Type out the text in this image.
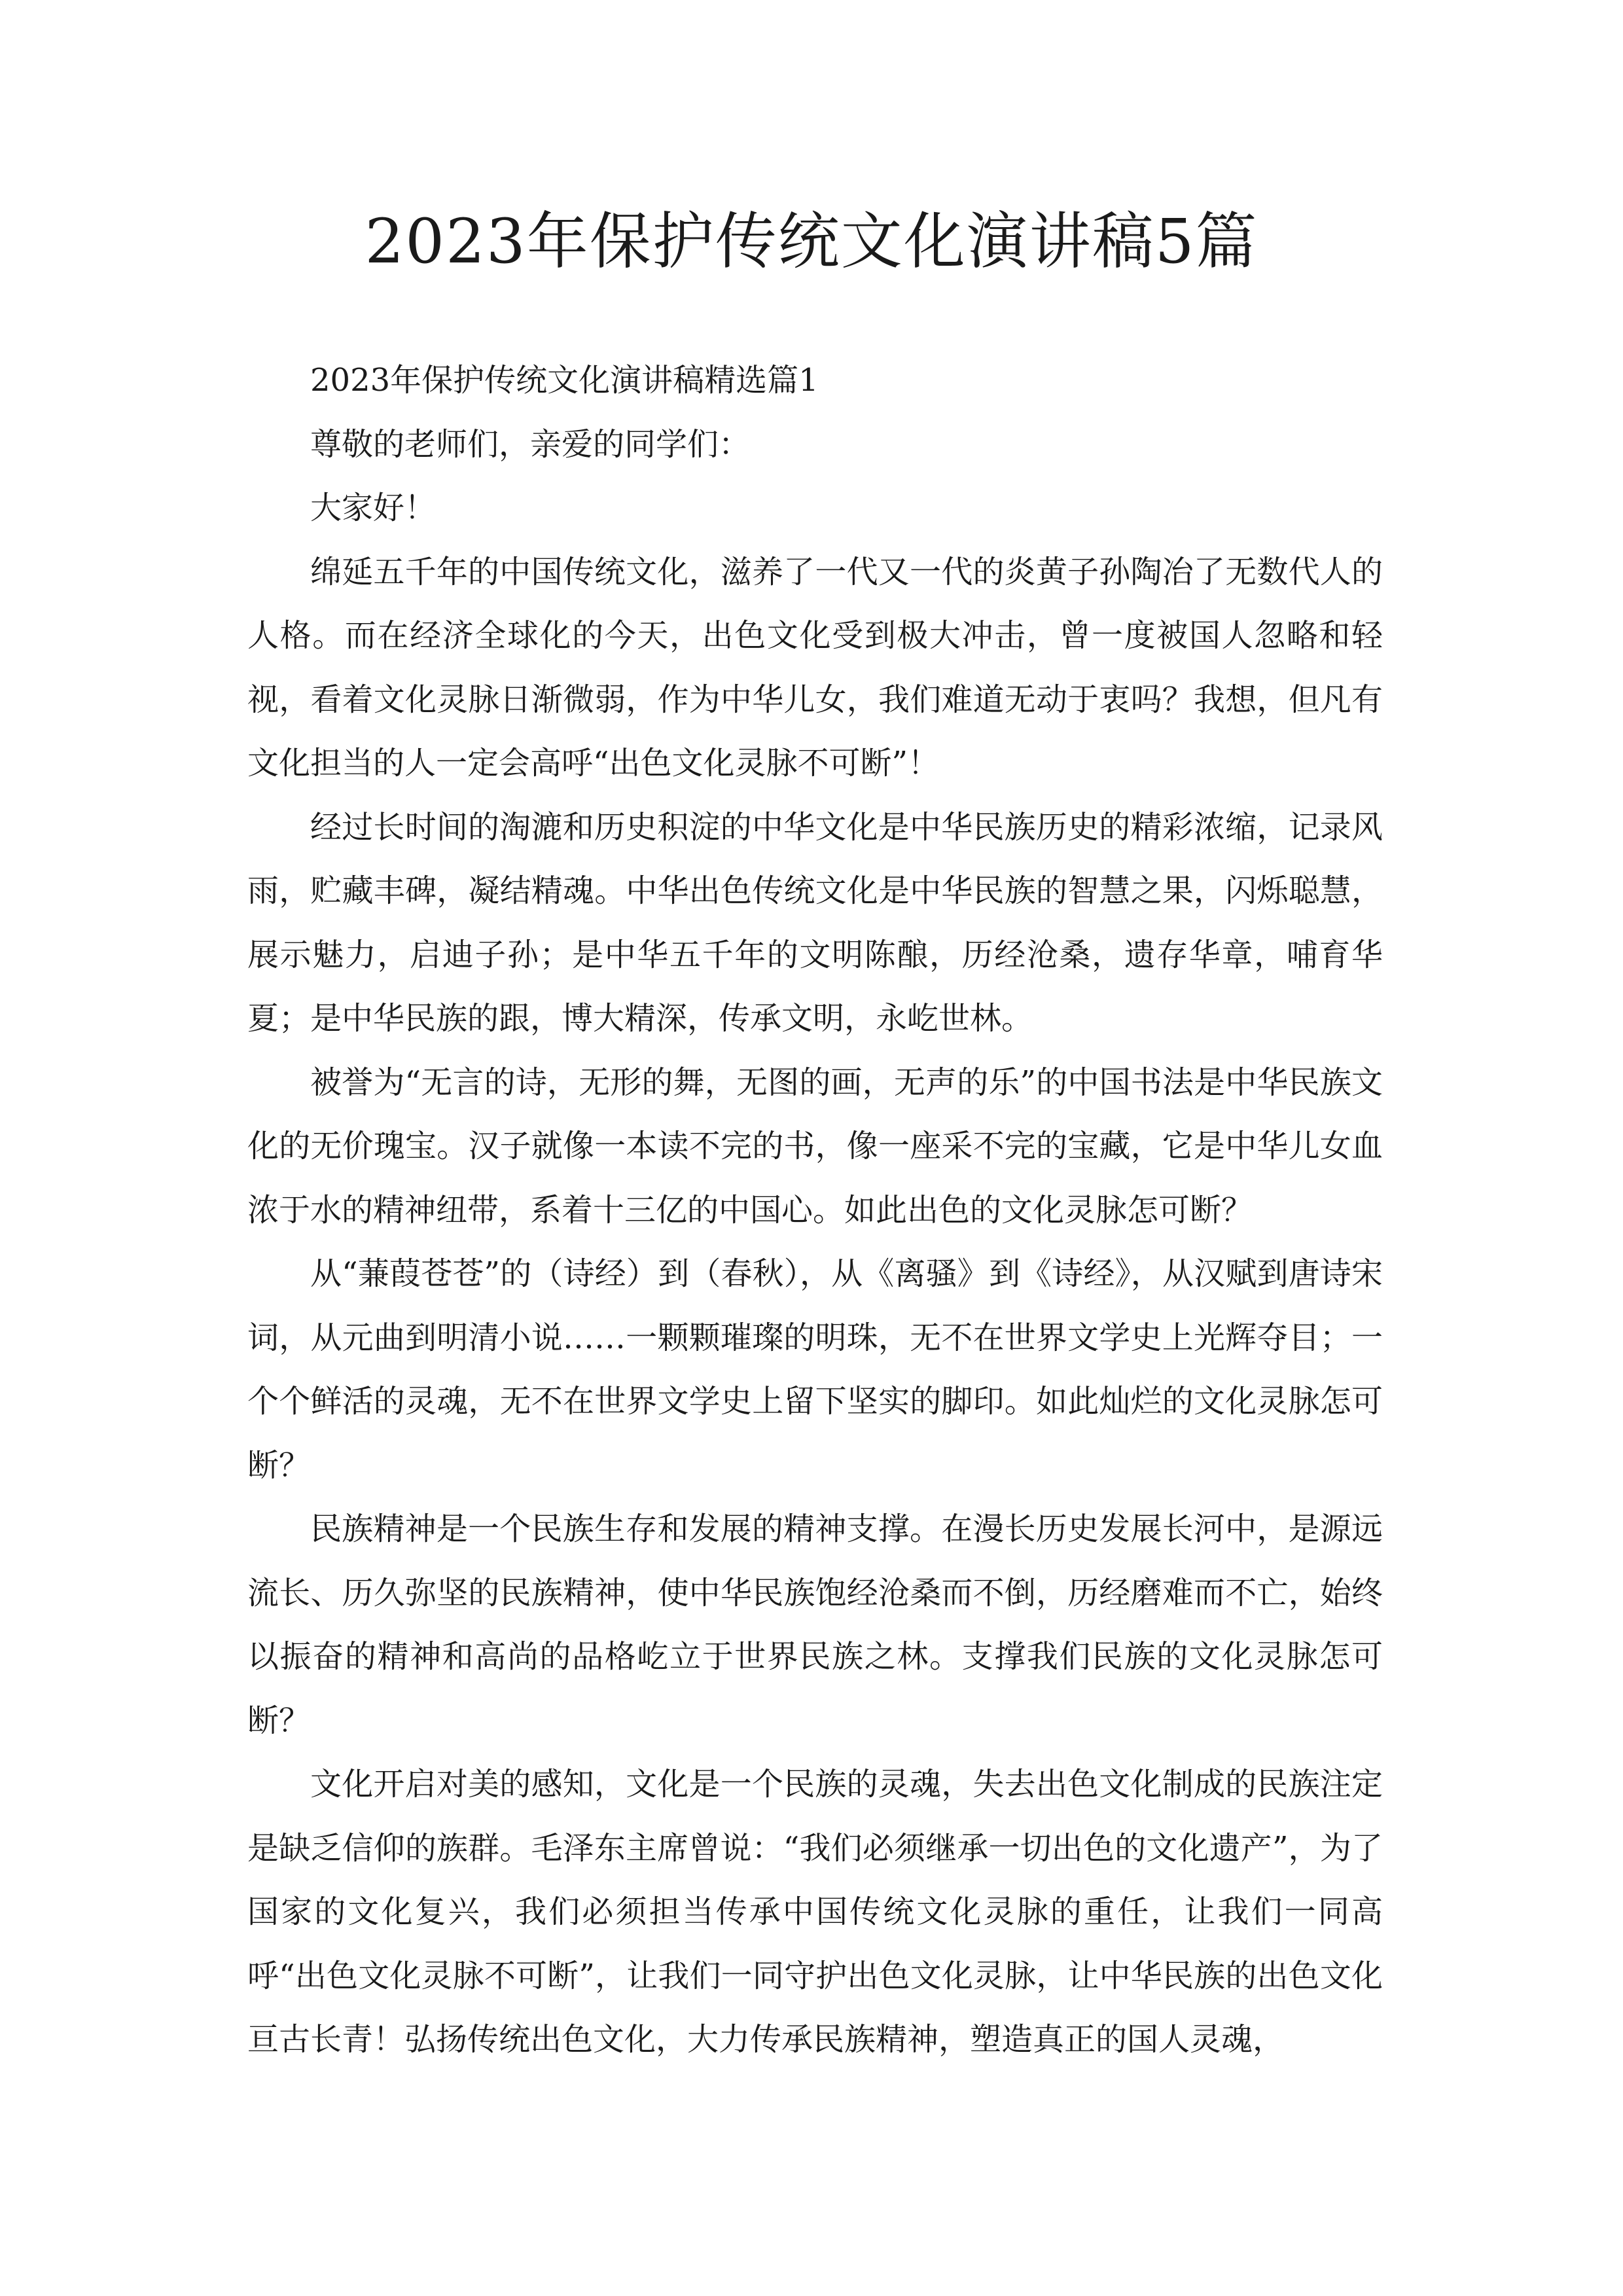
2023年保护传统文化演讲稿5篇

2023年保护传统文化演讲稿精选篇1

尊敬的老师们，亲爱的同学们：

大家好！

绵延五千年的中国传统文化，滋养了一代又一代的炎黄子孙陶冶了无数代人的人格。而在经济全球化的今天，出色文化受到极大冲击，曾一度被国人忽略和轻视，看着文化灵脉日渐微弱，作为中华儿女，我们难道无动于衷吗？我想，但凡有文化担当的人一定会高呼“出色文化灵脉不可断”！

经过长时间的淘漉和历史积淀的中华文化是中华民族历史的精彩浓缩，记录风雨，贮藏丰碑，凝结精魂。中华出色传统文化是中华民族的智慧之果，闪烁聪慧，展示魅力，启迪子孙；是中华五千年的文明陈酿，历经沧桑，遗存华章，哺育华夏；是中华民族的跟，博大精深，传承文明，永屹世林。

被誉为“无言的诗，无形的舞，无图的画，无声的乐”的中国书法是中华民族文化的无价瑰宝。汉子就像一本读不完的书，像一座采不完的宝藏，它是中华儿女血浓于水的精神纽带，系着十三亿的中国心。如此出色的文化灵脉怎可断？

从“蒹葭苍苍”的（诗经）到（春秋），从《离骚》到《诗经》，从汉赋到唐诗宋词，从元曲到明清小说……一颗颗璀璨的明珠，无不在世界文学史上光辉夺目；一个个鲜活的灵魂，无不在世界文学史上留下坚实的脚印。如此灿烂的文化灵脉怎可断？

民族精神是一个民族生存和发展的精神支撑。在漫长历史发展长河中，是源远流长、历久弥坚的民族精神，使中华民族饱经沧桑而不倒，历经磨难而不亡，始终以振奋的精神和高尚的品格屹立于世界民族之林。支撑我们民族的文化灵脉怎可断？

文化开启对美的感知，文化是一个民族的灵魂，失去出色文化制成的民族注定是缺乏信仰的族群。毛泽东主席曾说：“我们必须继承一切出色的文化遗产”，为了国家的文化复兴，我们必须担当传承中国传统文化灵脉的重任，让我们一同高呼“出色文化灵脉不可断”，让我们一同守护出色文化灵脉，让中华民族的出色文化亘古长青！弘扬传统出色文化，大力传承民族精神，塑造真正的国人灵魂，
